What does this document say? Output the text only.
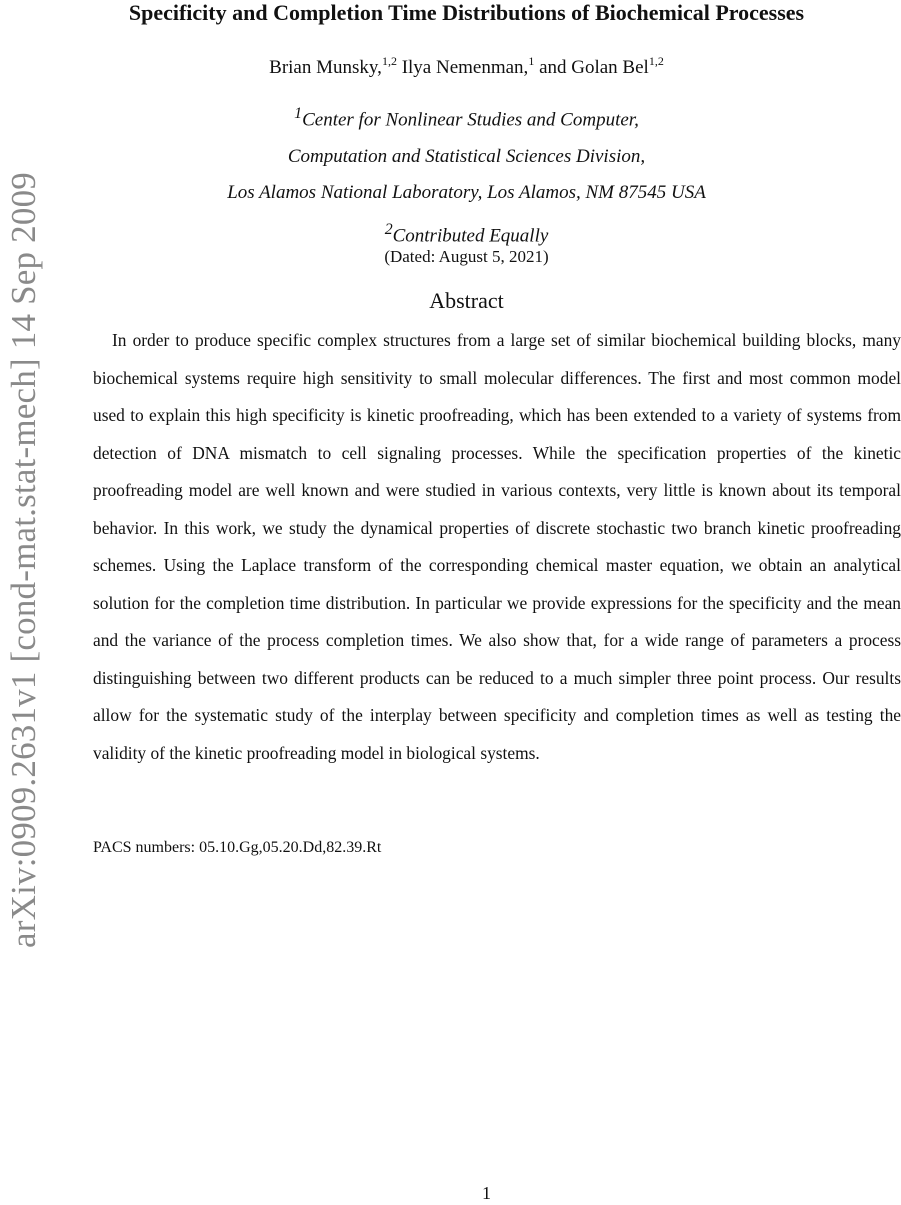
arXiv:0909.2631v1 [cond-mat.stat-mech] 14 Sep 2009
Specificity and Completion Time Distributions of Biochemical Processes
Brian Munsky,$^{1,2}$ Ilya Nemenman,$^1$ and Golan Bel$^{1,2}$
$^1$Center for Nonlinear Studies and Computer,
Computation and Statistical Sciences Division,
Los Alamos National Laboratory, Los Alamos, NM 87545 USA
$^2$Contributed Equally
(Dated: August 5, 2021)
Abstract

In order to produce specific complex structures from a large set of similar biochemical building blocks, many biochemical systems require high sensitivity to small molecular differences. The first and most common model used to explain this high specificity is kinetic proofreading, which has been extended to a variety of systems from detection of DNA mismatch to cell signaling processes. While the specification properties of the kinetic proofreading model are well known and were studied in various contexts, very little is known about its temporal behavior. In this work, we study the dynamical properties of discrete stochastic two branch kinetic proofreading schemes. Using the Laplace transform of the corresponding chemical master equation, we obtain an analytical solution for the completion time distribution. In particular we provide expressions for the specificity and the mean and the variance of the process completion times. We also show that, for a wide range of parameters a process distinguishing between two different products can be reduced to a much simpler three point process. Our results allow for the systematic study of the interplay between specificity and completion times as well as testing the validity of the kinetic proofreading model in biological systems.

PACS numbers: 05.10.Gg,05.20.Dd,82.39.Rt
1
